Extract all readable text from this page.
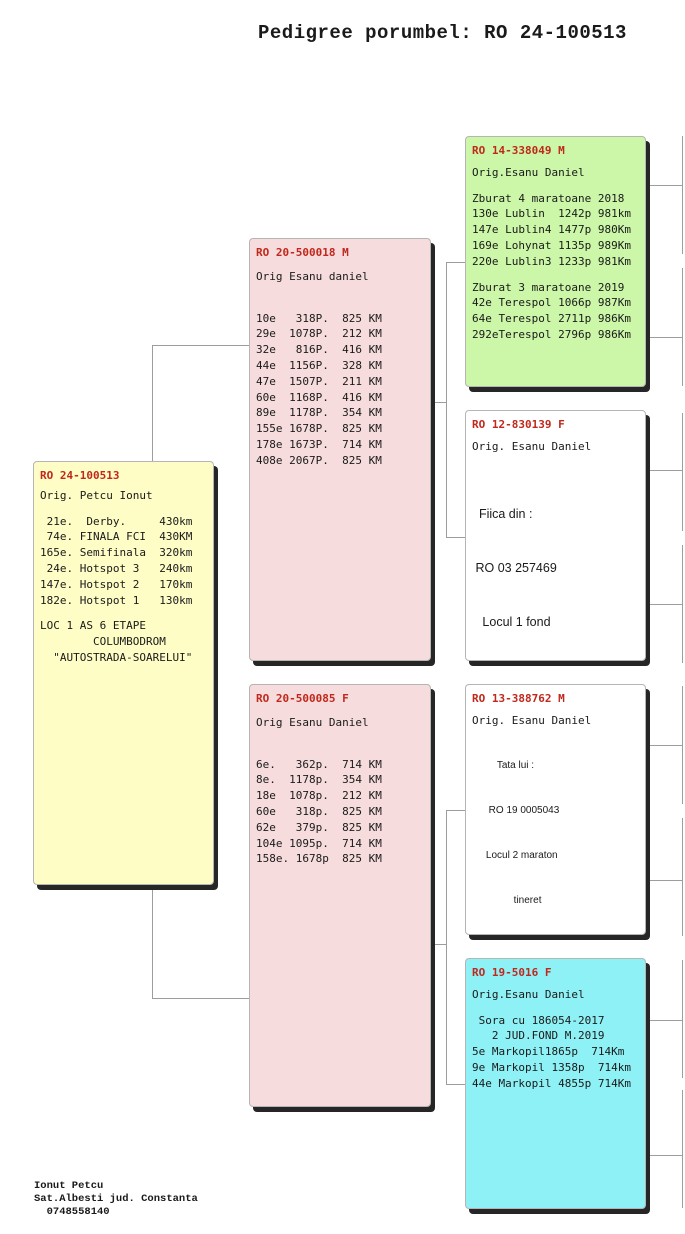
Pedigree porumbel: RO 24-100513
RO 24-100513
Orig. Petcu Ionut
21e.  Derby.     430km
74e. FINALA FCI  430KM
165e. Semifinala  320km
24e. Hotspot 3   240km
147e. Hotspot 2   170km
182e. Hotspot 1   130km
LOC 1 AS 6 ETAPE
COLUMBODROM
"AUTOSTRADA-SOARELUI"
RO 20-500018 M
Orig Esanu daniel
10e   318P.  825 KM
29e  1078P.  212 KM
32e   816P.  416 KM
44e  1156P.  328 KM
47e  1507P.  211 KM
60e  1168P.  416 KM
89e  1178P.  354 KM
155e 1678P.  825 KM
178e 1673P.  714 KM
408e 2067P.  825 KM
RO 20-500085 F
Orig Esanu Daniel
6e.   362p.  714 KM
8e.  1178p.  354 KM
18e  1078p.  212 KM
60e   318p.  825 KM
62e   379p.  825 KM
104e 1095p.  714 KM
158e. 1678p  825 KM
RO 14-338049 M
Orig.Esanu Daniel
Zburat 4 maratoane 2018
130e Lublin  1242p 981km
147e Lublin4 1477p 980Km
169e Lohynat 1135p 989Km
220e Lublin3 1233p 981Km
Zburat 3 maratoane 2019
42e Terespol 1066p 987Km
64e Terespol 2711p 986Km
292eTerespol 2796p 986Km
RO 12-830139 F
Orig. Esanu Daniel

Fiica din :

RO 03 257469

Locul 1 fond

RO 13-388762 M
Orig. Esanu Daniel

Tata lui :

RO 19 0005043

Locul 2 maraton

tineret

RO 19-5016 F
Orig.Esanu Daniel
Sora cu 186054-2017
2 JUD.FOND M.2019
5e Markopil1865p  714Km
9e Markopil 1358p  714km
44e Markopil 4855p 714Km
Ionut Petcu
Sat.Albesti jud. Constanta
0748558140
